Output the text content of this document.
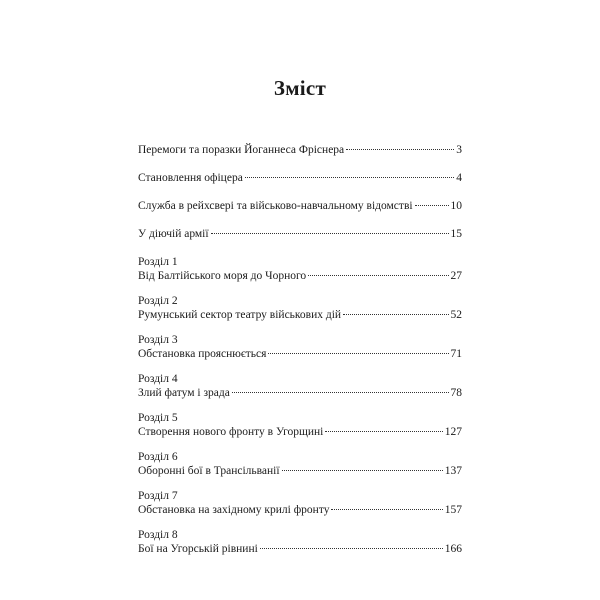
Зміст
Перемоги та поразки Йоганнеса Фріснера	3
Становлення офіцера	4
Служба в рейхсвері та військово-навчальному відомстві	10
У діючій армії	15
Розділ 1
Від Балтійського моря до Чорного	27
Розділ 2
Румунський сектор театру військових дій	52
Розділ 3
Обстановка прояснюється	71
Розділ 4
Злий фатум і зрада	78
Розділ 5
Створення нового фронту в Угорщині	127
Розділ 6
Оборонні бої в Трансільванії	137
Розділ 7
Обстановка на західному крилі фронту	157
Розділ 8
Бої на Угорській рівнині	166
